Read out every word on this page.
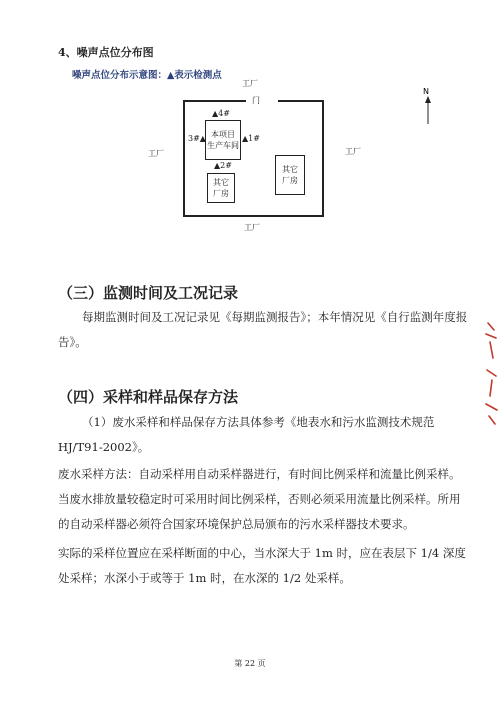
4、噪声点位分布图
噪声点位分布示意图：▲表示检测点
工厂
工厂	工厂
工厂
门
本项目
生产车间
其它
厂房
其它
厂房
▲4#
3#▲	▲1#
▲2#
N
（三）监测时间及工况记录
每期监测时间及工况记录见《每期监测报告》；本年情况见《自行监测年度报告》。
（四）采样和样品保存方法
（1）废水采样和样品保存方法具体参考《地表水和污水监测技术规范HJ/T91-2002》。
废水采样方法：自动采样用自动采样器进行，有时间比例采样和流量比例采样。当废水排放量较稳定时可采用时间比例采样，否则必须采用流量比例采样。所用的自动采样器必须符合国家环境保护总局颁布的污水采样器技术要求。
实际的采样位置应在采样断面的中心，当水深大于 1m 时，应在表层下 1/4 深度处采样；水深小于或等于 1m 时，在水深的 1/2 处采样。
第 22 页
